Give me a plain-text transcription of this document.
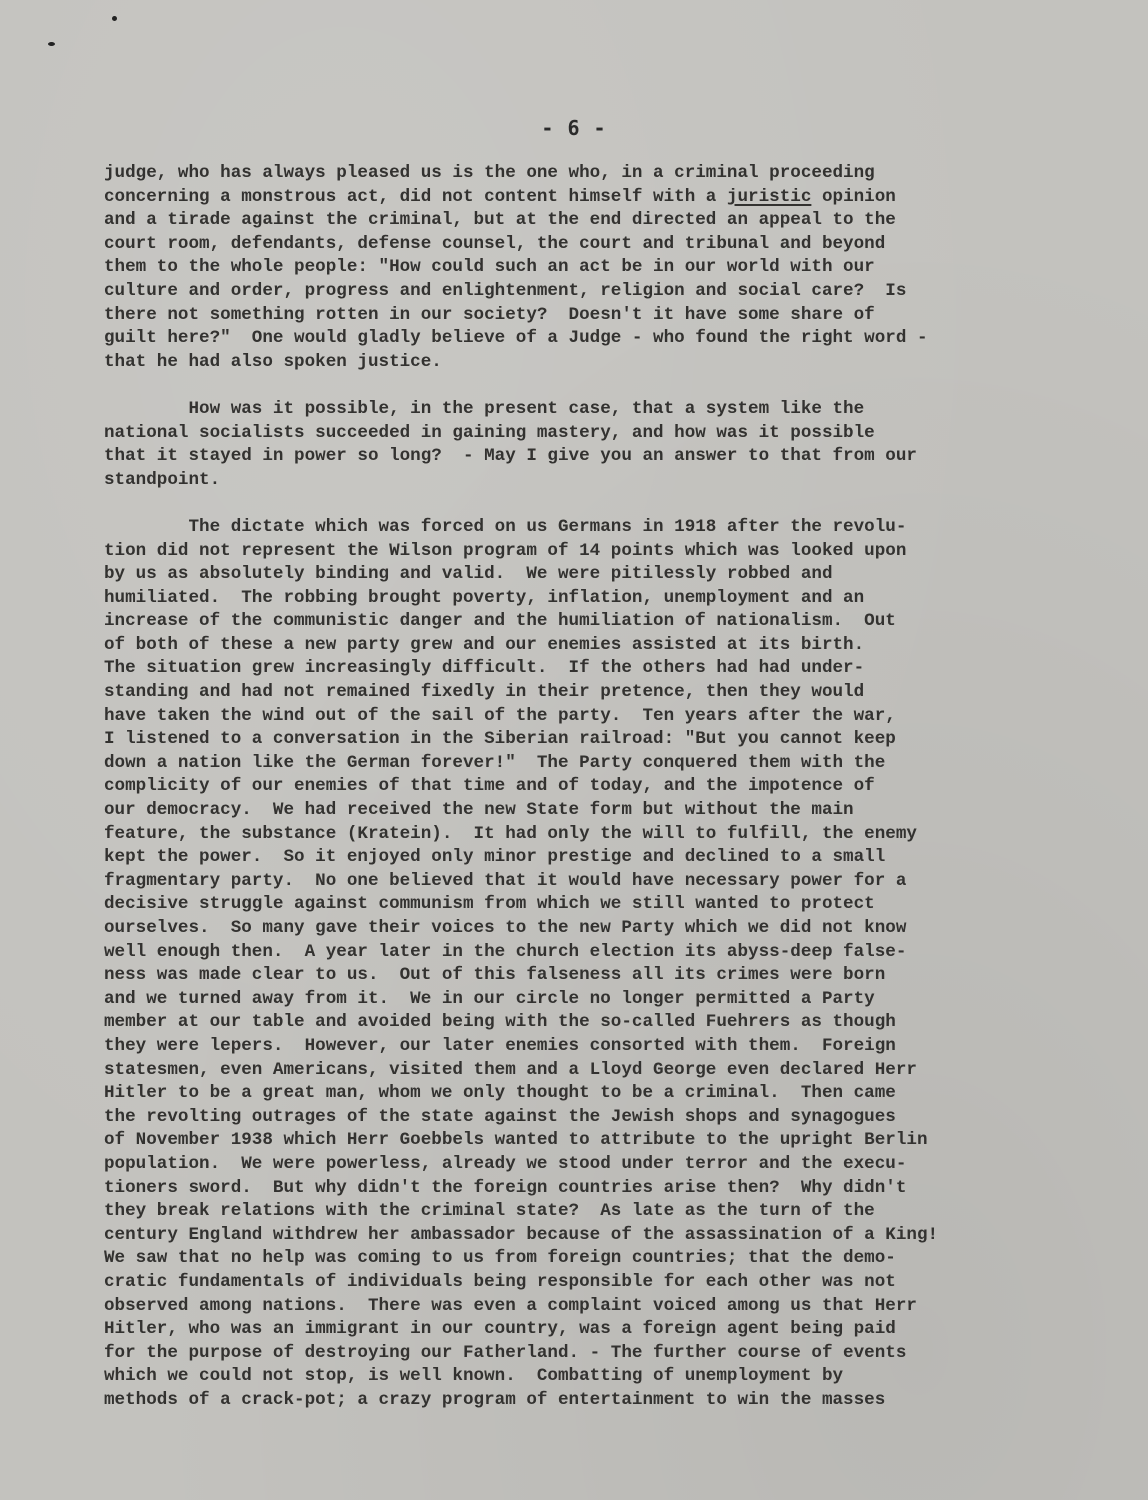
- 6 -
judge, who has always pleased us is the one who, in a criminal proceeding
concerning a monstrous act, did not content himself with a juristic opinion
and a tirade against the criminal, but at the end directed an appeal to the
court room, defendants, defense counsel, the court and tribunal and beyond
them to the whole people: "How could such an act be in our world with our
culture and order, progress and enlightenment, religion and social care?  Is
there not something rotten in our society?  Doesn't it have some share of
guilt here?"  One would gladly believe of a Judge - who found the right word -
that he had also spoken justice.
How was it possible, in the present case, that a system like the
national socialists succeeded in gaining mastery, and how was it possible
that it stayed in power so long?  - May I give you an answer to that from our
standpoint.
The dictate which was forced on us Germans in 1918 after the revolu-
tion did not represent the Wilson program of 14 points which was looked upon
by us as absolutely binding and valid.  We were pitilessly robbed and
humiliated.  The robbing brought poverty, inflation, unemployment and an
increase of the communistic danger and the humiliation of nationalism.  Out
of both of these a new party grew and our enemies assisted at its birth.
The situation grew increasingly difficult.  If the others had had under-
standing and had not remained fixedly in their pretence, then they would
have taken the wind out of the sail of the party.  Ten years after the war,
I listened to a conversation in the Siberian railroad: "But you cannot keep
down a nation like the German forever!"  The Party conquered them with the
complicity of our enemies of that time and of today, and the impotence of
our democracy.  We had received the new State form but without the main
feature, the substance (Kratein).  It had only the will to fulfill, the enemy
kept the power.  So it enjoyed only minor prestige and declined to a small
fragmentary party.  No one believed that it would have necessary power for a
decisive struggle against communism from which we still wanted to protect
ourselves.  So many gave their voices to the new Party which we did not know
well enough then.  A year later in the church election its abyss-deep false-
ness was made clear to us.  Out of this falseness all its crimes were born
and we turned away from it.  We in our circle no longer permitted a Party
member at our table and avoided being with the so-called Fuehrers as though
they were lepers.  However, our later enemies consorted with them.  Foreign
statesmen, even Americans, visited them and a Lloyd George even declared Herr
Hitler to be a great man, whom we only thought to be a criminal.  Then came
the revolting outrages of the state against the Jewish shops and synagogues
of November 1938 which Herr Goebbels wanted to attribute to the upright Berlin
population.  We were powerless, already we stood under terror and the execu-
tioners sword.  But why didn't the foreign countries arise then?  Why didn't
they break relations with the criminal state?  As late as the turn of the
century England withdrew her ambassador because of the assassination of a King!
We saw that no help was coming to us from foreign countries; that the demo-
cratic fundamentals of individuals being responsible for each other was not
observed among nations.  There was even a complaint voiced among us that Herr
Hitler, who was an immigrant in our country, was a foreign agent being paid
for the purpose of destroying our Fatherland. - The further course of events
which we could not stop, is well known.  Combatting of unemployment by
methods of a crack-pot; a crazy program of entertainment to win the masses
